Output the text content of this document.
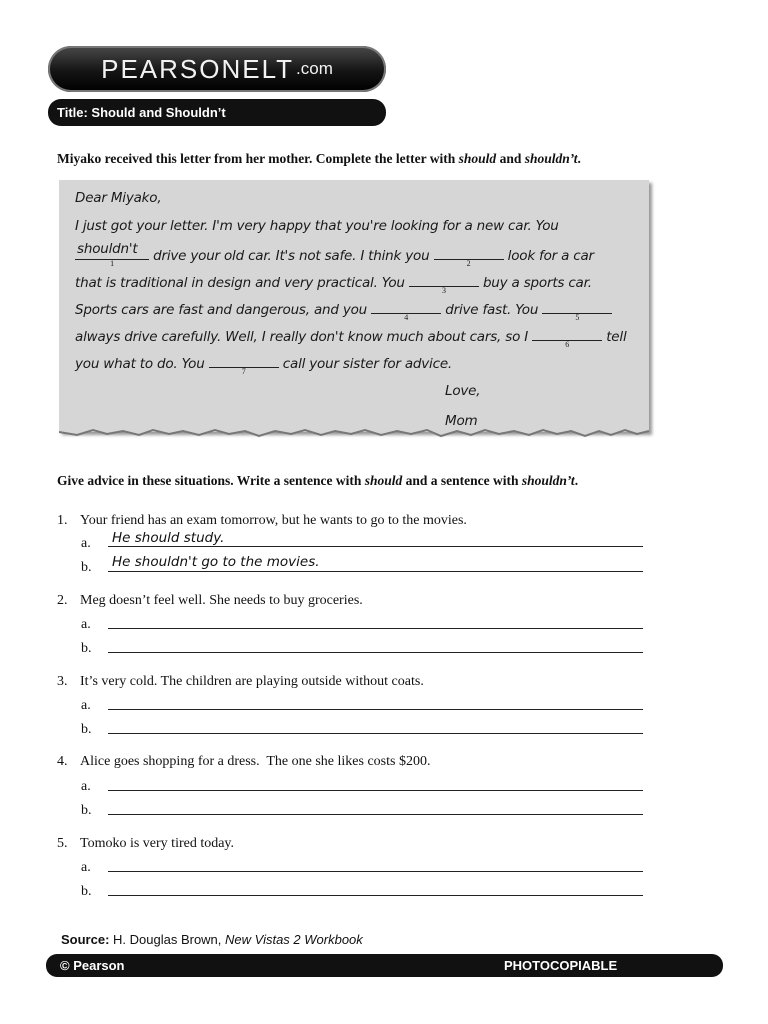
PEARSONELT .com
Title: Should and Shouldn’t
Miyako received this letter from her mother. Complete the letter with should and shouldn’t.
Dear Miyako,
I just got your letter. I'm very happy that you're looking for a new car. You
shouldn't
1	drive your old car. It's not safe. I think you	2	look for a car
that is traditional in design and very practical. You	3	buy a sports car.
Sports cars are fast and dangerous, and you	4	drive fast. You	5
always drive carefully. Well, I really don't know much about cars, so I	6	tell
you what to do. You	7	call your sister for advice.
Love,
Mom
Give advice in these situations. Write a sentence with should and a sentence with shouldn’t.
1. Your friend has an exam tomorrow, but he wants to go to the movies.
a. He should study.
b. He shouldn't go to the movies.
2. Meg doesn’t feel well. She needs to buy groceries.
a.
b.
3. It’s very cold. The children are playing outside without coats.
a.
b.
4. Alice goes shopping for a dress.  The one she likes costs $200.
a.
b.
5. Tomoko is very tired today.
a.
b.
Source: H. Douglas Brown, New Vistas 2 Workbook
© Pearson	PHOTOCOPIABLE
